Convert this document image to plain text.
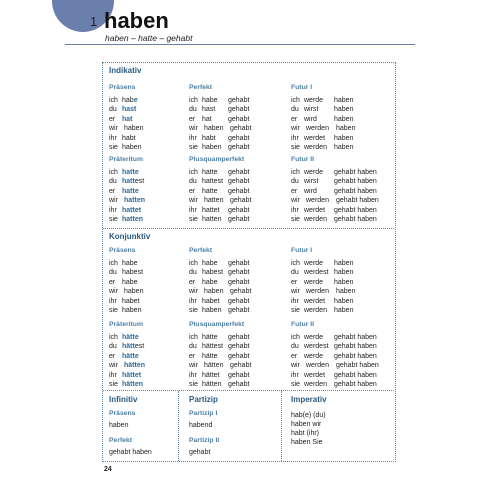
1 haben
haben – hatte – gehabt
Indikativ
Präsens
ich habe
du hast
er hat
wir haben
ihr habt
sie haben
Perfekt
ich habe gehabt
du hast gehabt
er hat gehabt
wir haben gehabt
ihr habt gehabt
sie haben gehabt
Futur I
ich werde haben
du wirst haben
er wird haben
wir werden haben
ihr werdet haben
sie werden haben
Präteritum
ich hatte
du hattest
er hatte
wir hatten
ihr hattet
sie hatten
Plusquamperfekt
ich hatte gehabt
du hattest gehabt
er hatte gehabt
wir hatten gehabt
ihr hattet gehabt
sie hatten gehabt
Futur II
ich werde gehabt haben
du wirst gehabt haben
er wird gehabt haben
wir werden gehabt haben
ihr werdet gehabt haben
sie werden gehabt haben
Konjunktiv
Präsens
ich habe
du habest
er habe
wir haben
ihr habet
sie haben
Perfekt
ich habe gehabt
du habest gehabt
er habe gehabt
wir haben gehabt
ihr habet gehabt
sie haben gehabt
Futur I
ich werde haben
du werdest haben
er werde haben
wir werden haben
ihr werdet haben
sie werden haben
Präteritum
ich hätte
du hättest
er hätte
wir hätten
ihr hättet
sie hätten
Plusquamperfekt
ich hätte gehabt
du hättest gehabt
er hätte gehabt
wir hätten gehabt
ihr hättet gehabt
sie hätten gehabt
Futur II
ich werde gehabt haben
du werdest gehabt haben
er werde gehabt haben
wir werden gehabt haben
ihr werdet gehabt haben
sie werden gehabt haben
Infinitiv
Präsens
haben
Perfekt
gehabt haben
Partizip
Partizip I
habend
Partizip II
gehabt
Imperativ
hab(e) (du)
haben wir
habt (ihr)
haben Sie
24
